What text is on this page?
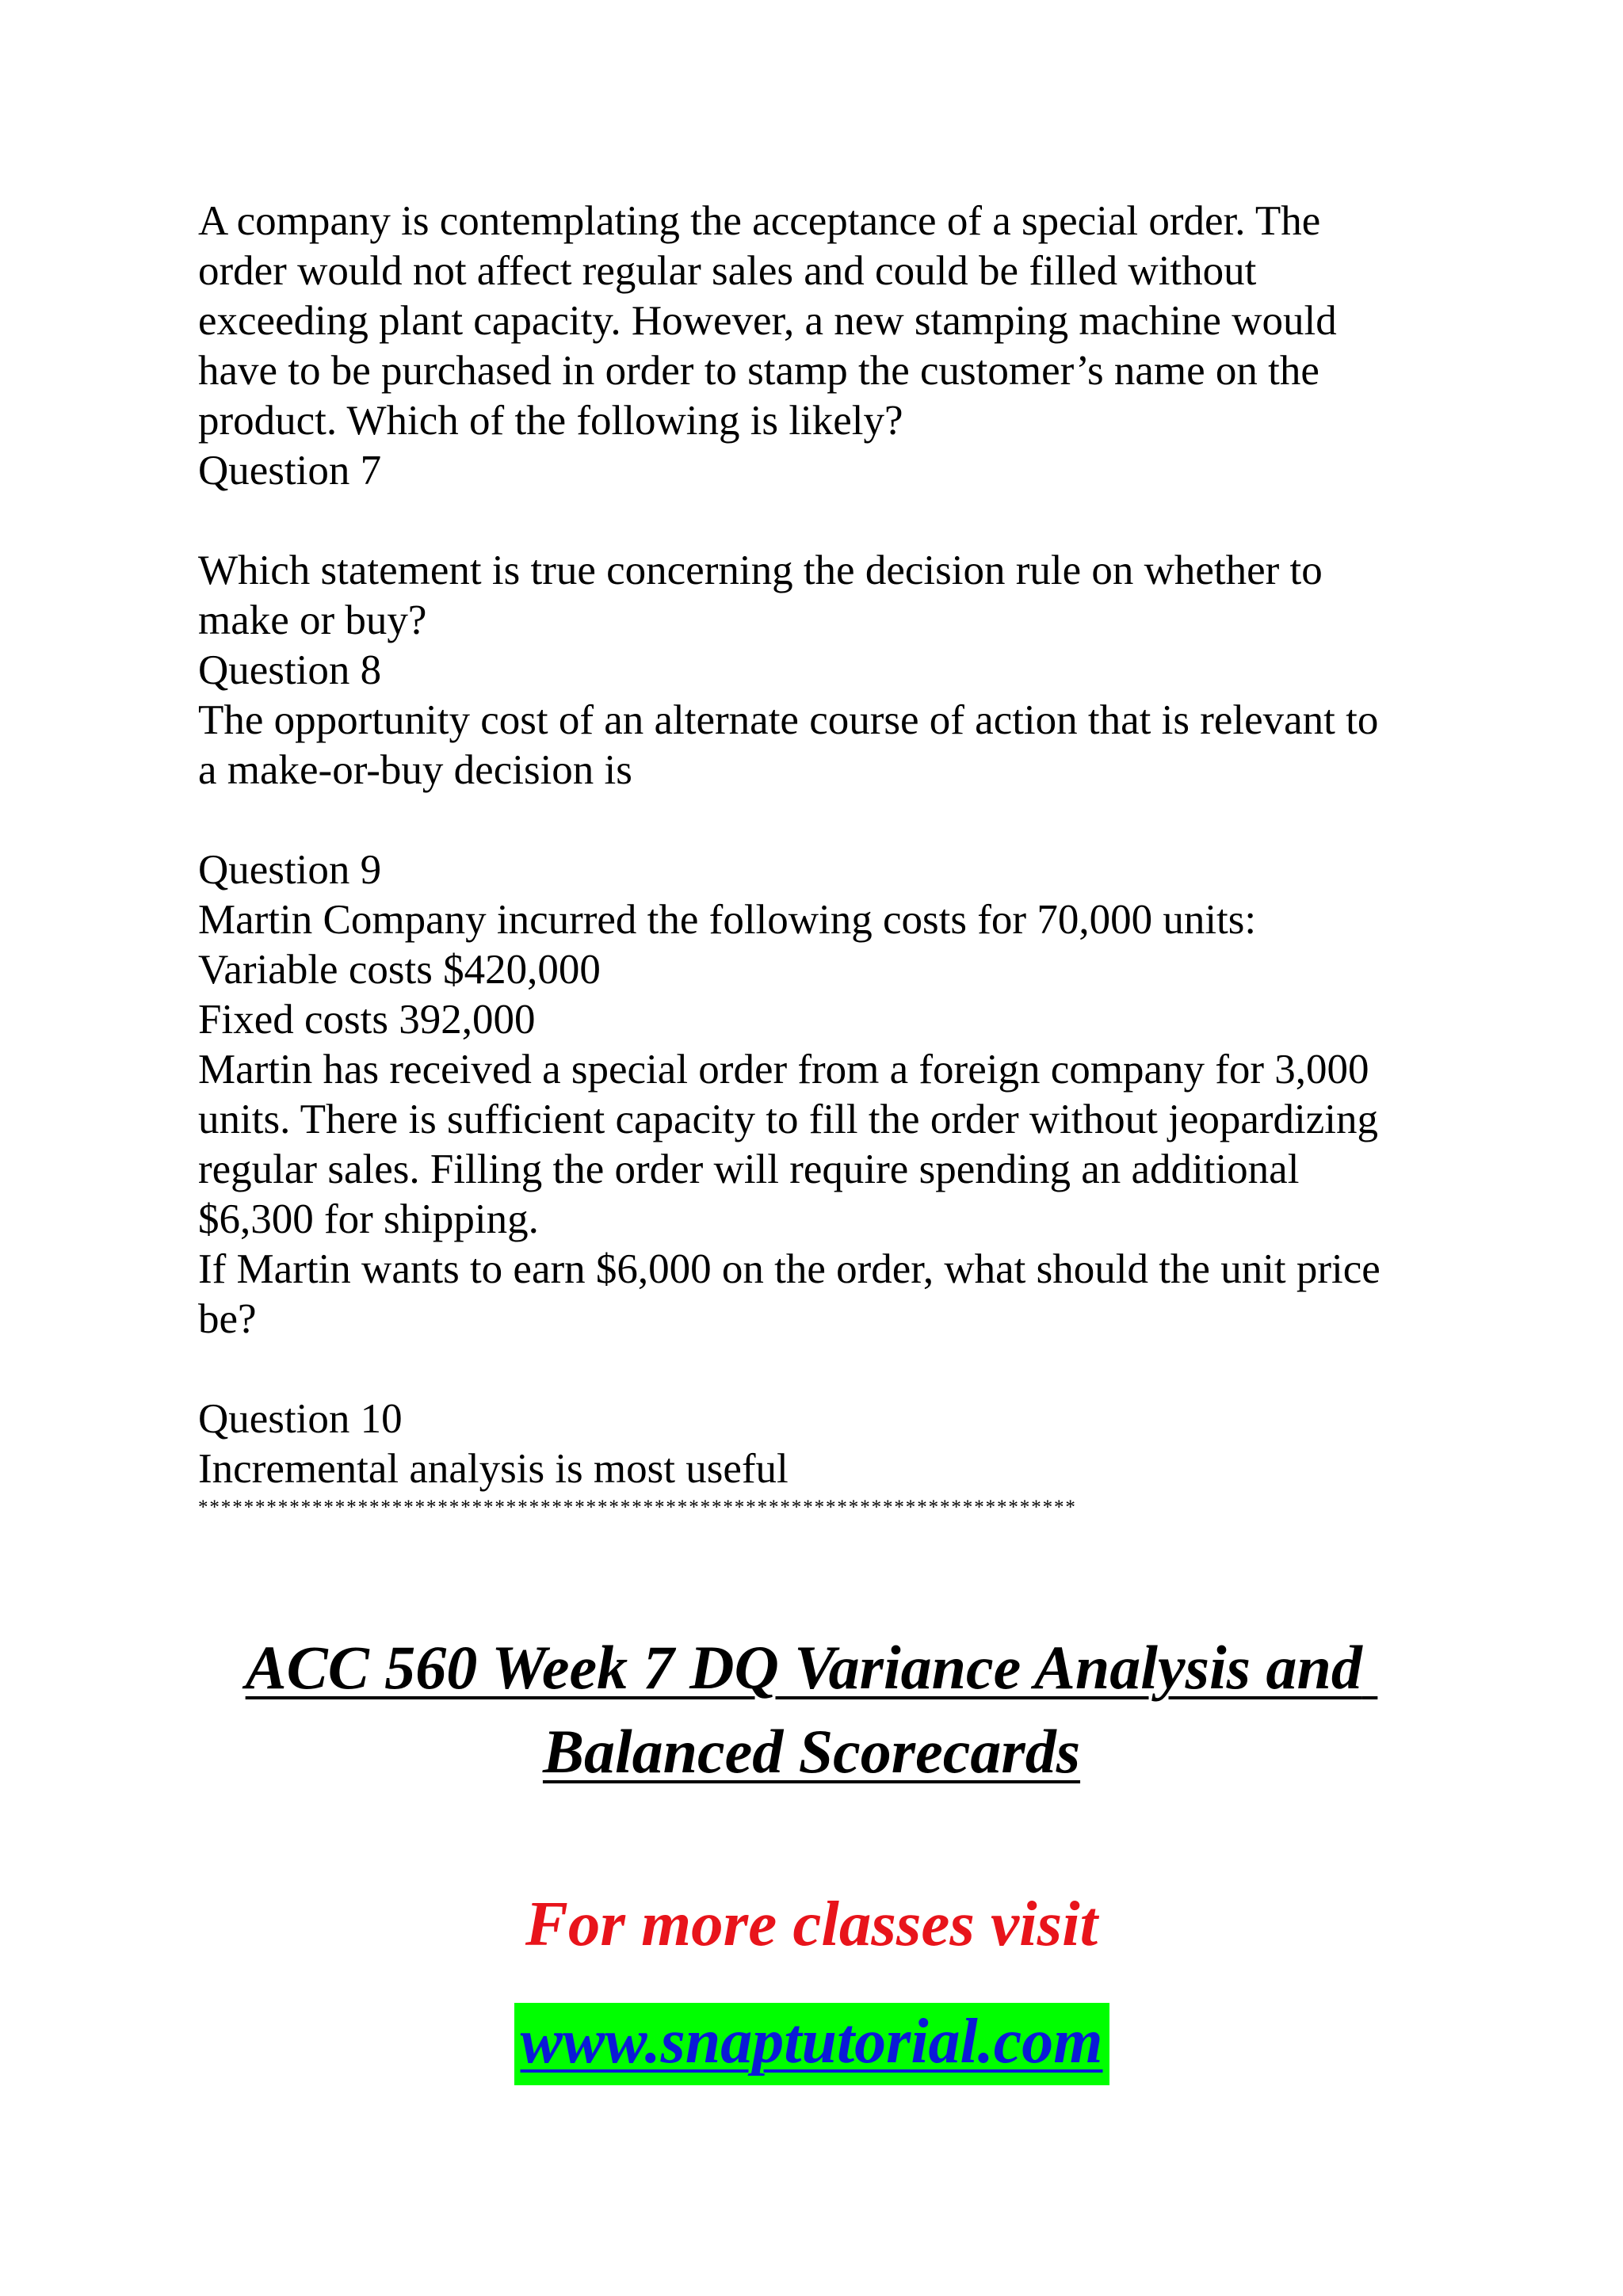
A company is contemplating the acceptance of a special order. The
order would not affect regular sales and could be filled without
exceeding plant capacity. However, a new stamping machine would
have to be purchased in order to stamp the customer’s name on the
product. Which of the following is likely?
Question 7
Which statement is true concerning the decision rule on whether to
make or buy?
Question 8
The opportunity cost of an alternate course of action that is relevant to
a make-or-buy decision is
Question 9
Martin Company incurred the following costs for 70,000 units:
Variable costs $420,000
Fixed costs 392,000
Martin has received a special order from a foreign company for 3,000
units. There is sufficient capacity to fill the order without jeopardizing
regular sales. Filling the order will require spending an additional
$6,300 for shipping.
If Martin wants to earn $6,000 on the order, what should the unit price
be?
Question 10
Incremental analysis is most useful
*****************************************************************************
ACC 560 Week 7 DQ Variance Analysis and
Balanced Scorecards
For more classes visit
www.snaptutorial.com
